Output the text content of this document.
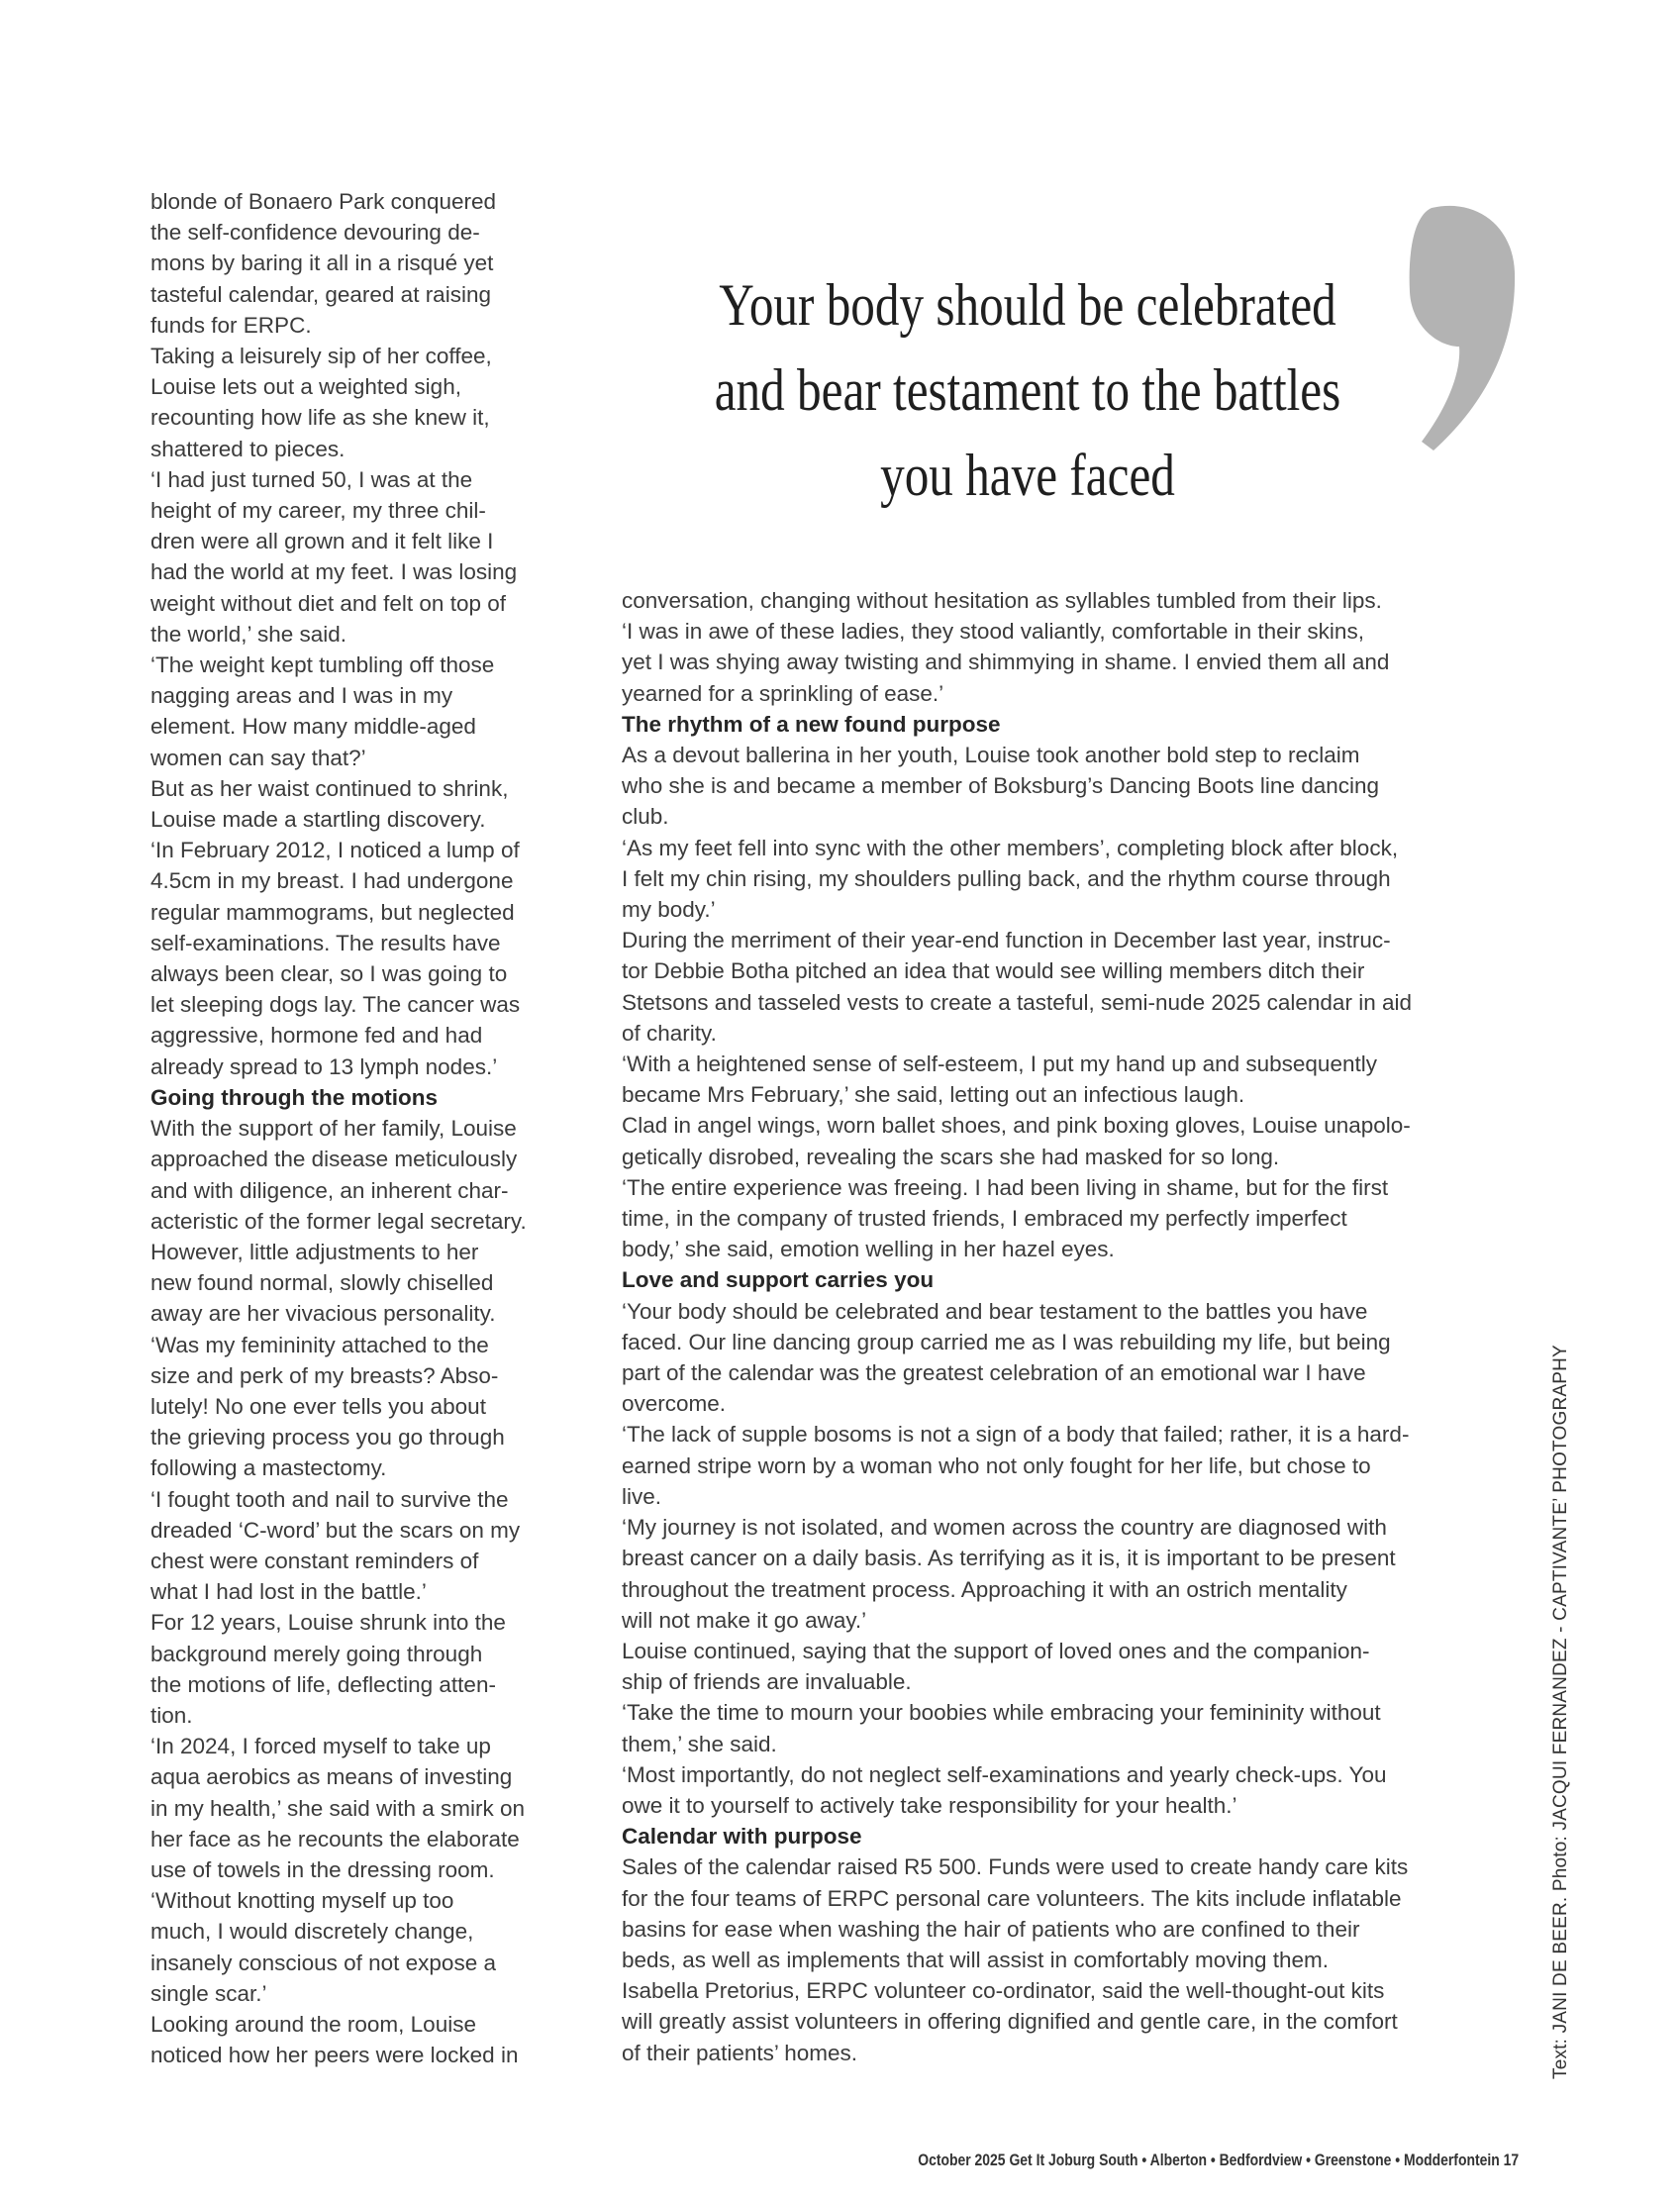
blonde of Bonaero Park conquered

the self-confidence devouring de-

mons by baring it all in a risqué yet

tasteful calendar, geared at raising

funds for ERPC.

Taking a leisurely sip of her coffee,

Louise lets out a weighted sigh,

recounting how life as she knew it,

shattered to pieces.

‘I had just turned 50, I was at the

height of my career, my three chil-

dren were all grown and it felt like I

had the world at my feet. I was losing

weight without diet and felt on top of

the world,’ she said.

‘The weight kept tumbling off those

nagging areas and I was in my

element. How many middle-aged

women can say that?’

But as her waist continued to shrink,

Louise made a startling discovery.

‘In February 2012, I noticed a lump of

4.5cm in my breast. I had undergone

regular mammograms, but neglected

self-examinations. The results have

always been clear, so I was going to

let sleeping dogs lay. The cancer was

aggressive, hormone fed and had

already spread to 13 lymph nodes.’

Going through the motions

With the support of her family, Louise

approached the disease meticulously

and with diligence, an inherent char-

acteristic of the former legal secretary.

However, little adjustments to her

new found normal, slowly chiselled

away are her vivacious personality.

‘Was my femininity attached to the

size and perk of my breasts? Abso-

lutely! No one ever tells you about

the grieving process you go through

following a mastectomy.

‘I fought tooth and nail to survive the

dreaded ‘C-word’ but the scars on my

chest were constant reminders of

what I had lost in the battle.’

For 12 years, Louise shrunk into the

background merely going through

the motions of life, deflecting atten-

tion.

‘In 2024, I forced myself to take up

aqua aerobics as means of investing

in my health,’ she said with a smirk on

her face as he recounts the elaborate

use of towels in the dressing room.

‘Without knotting myself up too

much, I would discretely change,

insanely conscious of not expose a

single scar.’

Looking around the room, Louise

noticed how her peers were locked in

Your body should be celebrated
and bear testament to the battles
you have faced

conversation, changing without hesitation as syllables tumbled from their lips.

‘I was in awe of these ladies, they stood valiantly, comfortable in their skins,

yet I was shying away twisting and shimmying in shame. I envied them all and

yearned for a sprinkling of ease.’

The rhythm of a new found purpose

As a devout ballerina in her youth, Louise took another bold step to reclaim

who she is and became a member of Boksburg’s Dancing Boots line dancing

club.

‘As my feet fell into sync with the other members’, completing block after block,

I felt my chin rising, my shoulders pulling back, and the rhythm course through

my body.’

During the merriment of their year-end function in December last year, instruc-

tor Debbie Botha pitched an idea that would see willing members ditch their

Stetsons and tasseled vests to create a tasteful, semi-nude 2025 calendar in aid

of charity.

‘With a heightened sense of self-esteem, I put my hand up and subsequently

became Mrs February,’ she said, letting out an infectious laugh.

Clad in angel wings, worn ballet shoes, and pink boxing gloves, Louise unapolo-

getically disrobed, revealing the scars she had masked for so long.

‘The entire experience was freeing. I had been living in shame, but for the first

time, in the company of trusted friends, I embraced my perfectly imperfect

body,’ she said, emotion welling in her hazel eyes.

Love and support carries you

‘Your body should be celebrated and bear testament to the battles you have

faced. Our line dancing group carried me as I was rebuilding my life, but being

part of the calendar was the greatest celebration of an emotional war I have

overcome.

‘The lack of supple bosoms is not a sign of a body that failed; rather, it is a hard-

earned stripe worn by a woman who not only fought for her life, but chose to

live.

‘My journey is not isolated, and women across the country are diagnosed with

breast cancer on a daily basis. As terrifying as it is, it is important to be present

throughout the treatment process. Approaching it with an ostrich mentality

will not make it go away.’

Louise continued, saying that the support of loved ones and the companion-

ship of friends are invaluable.

‘Take the time to mourn your boobies while embracing your femininity without

them,’ she said.

‘Most importantly, do not neglect self-examinations and yearly check-ups. You

owe it to yourself to actively take responsibility for your health.’

Calendar with purpose

Sales of the calendar raised R5 500. Funds were used to create handy care kits

for the four teams of ERPC personal care volunteers. The kits include inflatable

basins for ease when washing the hair of patients who are confined to their

beds, as well as implements that will assist in comfortably moving them.

Isabella Pretorius, ERPC volunteer co-ordinator, said the well-thought-out kits

will greatly assist volunteers in offering dignified and gentle care, in the comfort

of their patients’ homes.	Text: JANI DE BEER. Photo: JACQUI FERNANDEZ - CAPTIVANTE’ PHOTOGRAPHY
October 2025 Get It Joburg South • Alberton • Bedfordview • Greenstone • Modderfontein 17
